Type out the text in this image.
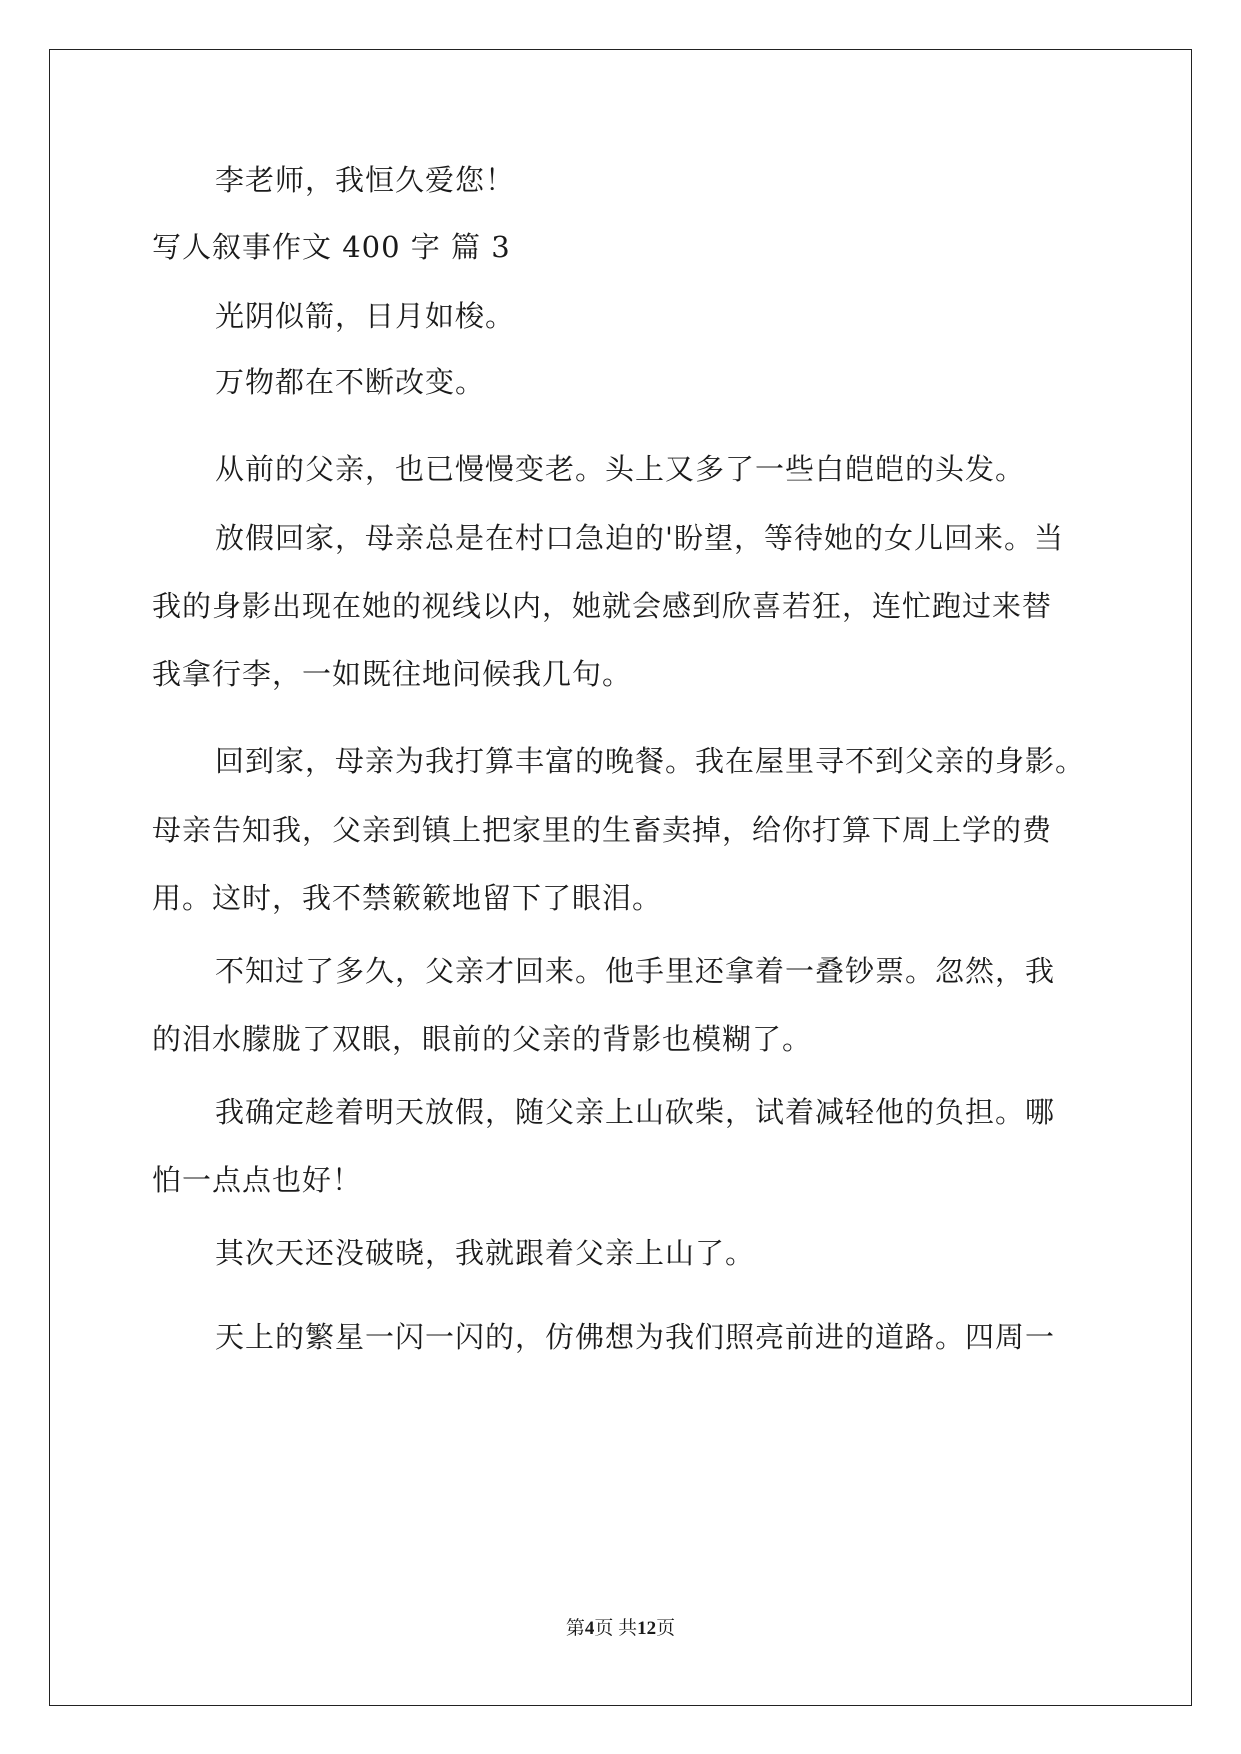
李老师，我恒久爱您！
写人叙事作文 400 字 篇 3
光阴似箭，日月如梭。
万物都在不断改变。
从前的父亲，也已慢慢变老。头上又多了一些白皑皑的头发。
放假回家，母亲总是在村口急迫的'盼望，等待她的女儿回来。当
我的身影出现在她的视线以内，她就会感到欣喜若狂，连忙跑过来替
我拿行李，一如既往地问候我几句。
回到家，母亲为我打算丰富的晚餐。我在屋里寻不到父亲的身影。
母亲告知我，父亲到镇上把家里的生畜卖掉，给你打算下周上学的费
用。这时，我不禁簌簌地留下了眼泪。
不知过了多久，父亲才回来。他手里还拿着一叠钞票。忽然，我
的泪水朦胧了双眼，眼前的父亲的背影也模糊了。
我确定趁着明天放假，随父亲上山砍柴，试着减轻他的负担。哪
怕一点点也好！
其次天还没破晓，我就跟着父亲上山了。
天上的繁星一闪一闪的，仿佛想为我们照亮前进的道路。四周一
第4页 共12页
